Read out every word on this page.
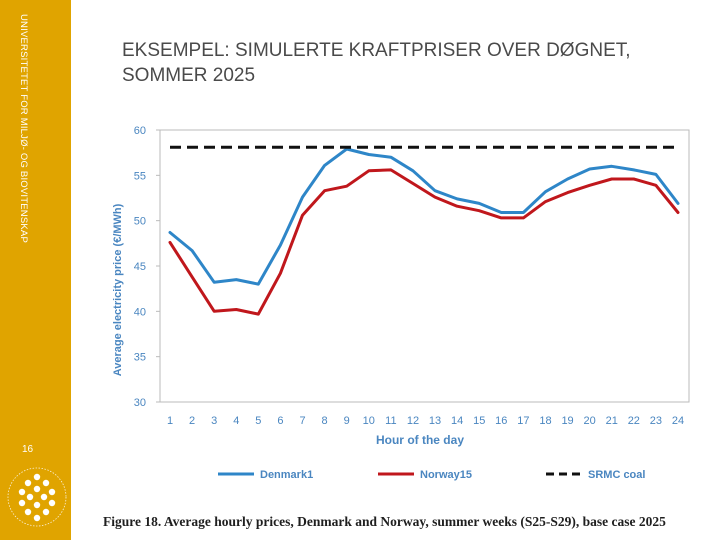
UNIVERSITETET FOR MILJØ- OG BIOVITENSKAP
16
EKSEMPEL: SIMULERTE KRAFTPRISER OVER DØGNET, SOMMER 2025
Average electricity price (€/MWh)
Hour of the day
30
35
40
45
50
55
60
1 2 3 4 5 6 7 8 9 10 11 12 13 14 15 16 17 18 19 20 21 22 23 24
Denmark1	Norway15	SRMC coal
Figure 18. Average hourly prices, Denmark and Norway, summer weeks (S25-S29), base case 2025
